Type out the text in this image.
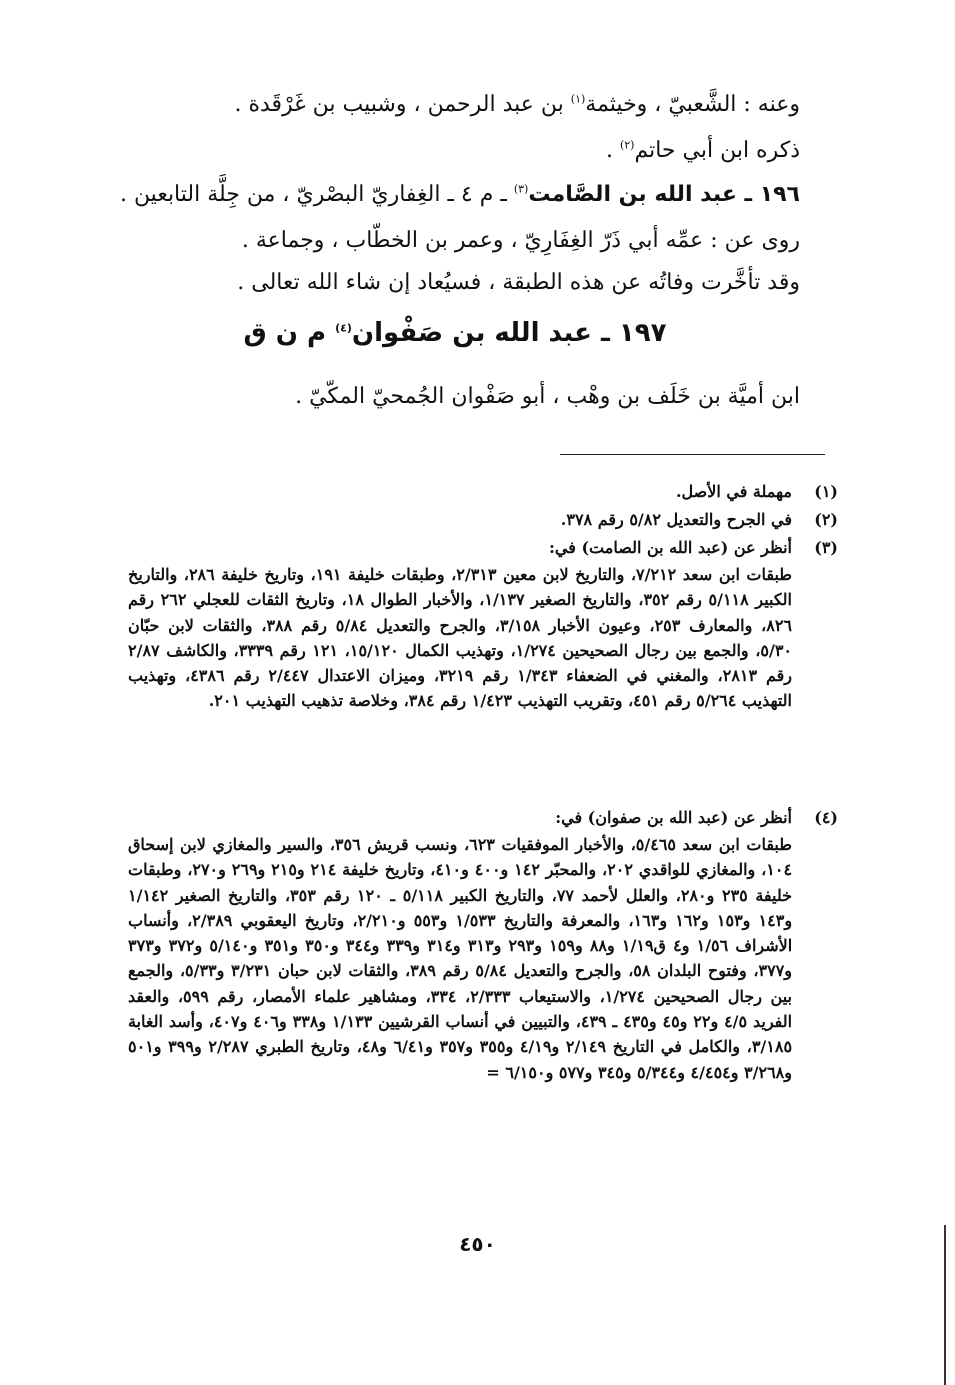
وعنه : الشَّعبيّ ، وخيثمة$^{(١)}$ بن عبد الرحمن ، وشبيب بن غَرْقَدة .
ذكره ابن أبي حاتم$^{(٢)}$ .
١٩٦ ـ عبد الله بن الصَّامت$^{(٣)}$ ـ م ٤ ـ الغِفاريّ البصْريّ ، من جِلَّة التابعين .
روى عن : عمِّه أبي ذَرّ الغِفَارِيّ ، وعمر بن الخطّاب ، وجماعة .
وقد تأخَّرت وفاتُه عن هذه الطبقة ، فسيُعاد إن شاء الله تعالى .
١٩٧ ـ عبد الله بن صَفْوان$^{(٤)}$ م ن ق
ابن أميَّة بن خَلَف بن وهْب ، أبو صَفْوان الجُمحيّ المكّيّ .
(١)مهملة في الأصل.
(٢)في الجرح والتعديل ٥/٨٢ رقم ٣٧٨.
(٣)أنظر عن (عبد الله بن الصامت) في:
طبقات ابن سعد ٧/٢١٢، والتاريخ لابن معين ٢/٣١٣، وطبقات خليفة ١٩١، وتاريخ خليفة ٢٨٦، والتاريخ الكبير ٥/١١٨ رقم ٣٥٢، والتاريخ الصغير ١/١٣٧، والأخبار الطوال ١٨، وتاريخ الثقات للعجلي ٢٦٢ رقم ٨٢٦، والمعارف ٢٥٣، وعيون الأخبار ٣/١٥٨، والجرح والتعديل ٥/٨٤ رقم ٣٨٨، والثقات لابن حبّان ٥/٣٠، والجمع بين رجال الصحيحين ١/٢٧٤، وتهذيب الكمال ١٥/١٢٠، ١٢١ رقم ٣٣٣٩، والكاشف ٢/٨٧ رقم ٢٨١٣، والمغني في الضعفاء ١/٣٤٣ رقم ٣٢١٩، وميزان الاعتدال ٢/٤٤٧ رقم ٤٣٨٦، وتهذيب التهذيب ٥/٢٦٤ رقم ٤٥١، وتقريب التهذيب ١/٤٢٣ رقم ٣٨٤، وخلاصة تذهيب التهذيب ٢٠١.
(٤)أنظر عن (عبد الله بن صفوان) في:
طبقات ابن سعد ٥/٤٦٥، والأخبار الموفقيات ٦٢٣، ونسب قريش ٣٥٦، والسير والمغازي لابن إسحاق ١٠٤، والمغازي للواقدي ٢٠٢، والمحبّر ١٤٢ و٤٠٠ و٤١٠، وتاريخ خليفة ٢١٤ و٢١٥ و٢٦٩ و٢٧٠، وطبقات خليفة ٢٣٥ و٢٨٠، والعلل لأحمد ٧٧، والتاريخ الكبير ٥/١١٨ ـ ١٢٠ رقم ٣٥٣، والتاريخ الصغير ١/١٤٢ و١٤٣ و١٥٣ و١٦٢ و١٦٣، والمعرفة والتاريخ ١/٥٣٣ و٥٥٣ و٢/٢١٠، وتاريخ اليعقوبي ٢/٣٨٩، وأنساب الأشراف ١/٥٦ و٤ ق١/١٩ و٨٨ و١٥٩ و٢٩٣ و٣١٣ و٣١٤ و٣٣٩ و٣٤٤ و٣٥٠ و٣٥١ و٥/١٤٠ و٣٧٢ و٣٧٣ و٣٧٧، وفتوح البلدان ٥٨، والجرح والتعديل ٥/٨٤ رقم ٣٨٩، والثقات لابن حبان ٣/٢٣١ و٥/٣٣، والجمع بين رجال الصحيحين ١/٢٧٤، والاستيعاب ٢/٣٣٣، ٣٣٤، ومشاهير علماء الأمصار، رقم ٥٩٩، والعقد الفريد ٤/٥ و٢٢ و٤٥ و٤٣٥ ـ ٤٣٩، والتبيين في أنساب القرشيين ١/١٣٣ و٣٣٨ و٤٠٦ و٤٠٧، وأسد الغابة ٣/١٨٥، والكامل في التاريخ ٢/١٤٩ و٤/١٩ و٣٥٥ و٣٥٧ و٦/٤١ و٤٨، وتاريخ الطبري ٢/٢٨٧ و٣٩٩ و٥٠١ و٣/٢٦٨ و٤/٤٥٤ و٥/٣٤٤ و٣٤٥ و٥٧٧ و٦/١٥٠ =
٤٥٠
